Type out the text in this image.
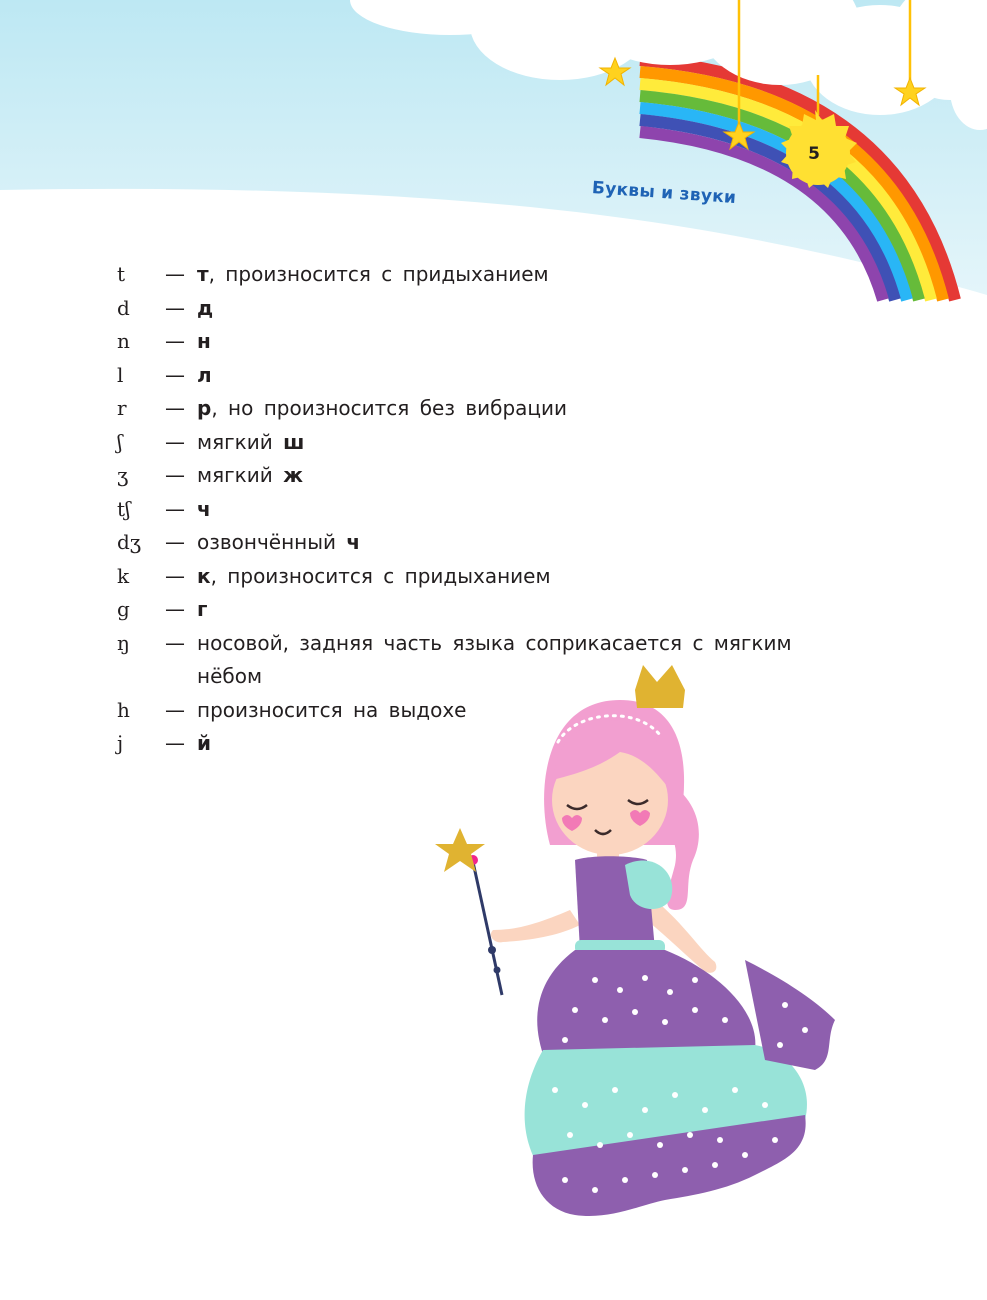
Буквы и звуки
5
t — т, произносится с придыханием
d — д
n — н
l — л
r — р, но произносится без вибрации
ʃ — мягкий ш
ʒ — мягкий ж
tʃ — ч
dʒ — озвончённый ч
k — к, произносится с придыханием
g — г
ŋ — носовой, задняя часть языка соприкасается с мягким нёбом
h — произносится на выдохе
j — й
